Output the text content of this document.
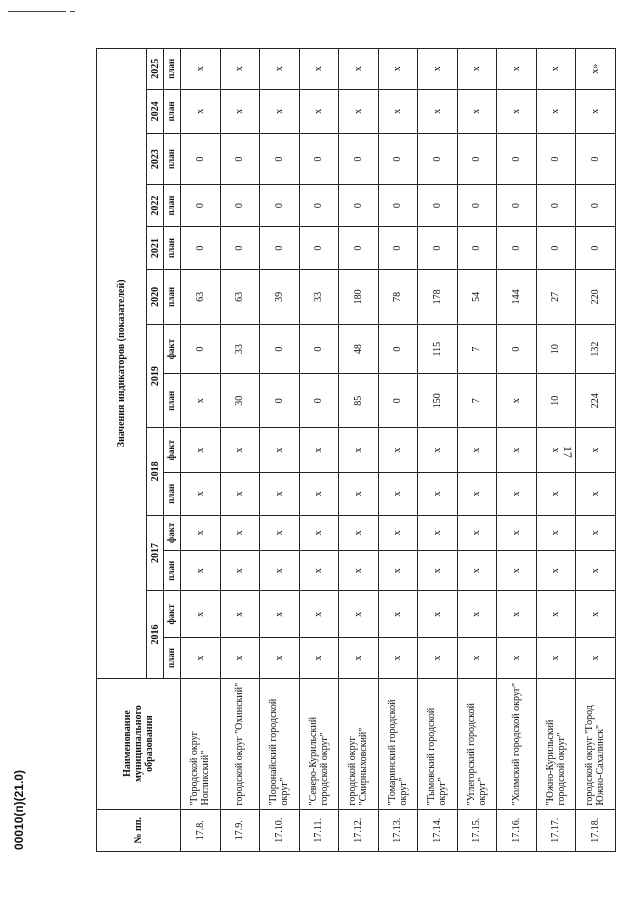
17
00010(п)(21.0)	№ пп.	Наименование муниципального образования	Значения индикаторов (показателей)													
		2016		2017		2018		2019		2020	2021	2022	2023	2024	2025
		план	факт	план	факт	план	факт	план	факт	план	план	план	план	план	план
17.8.	"Городской округ Ногликский"	x	x	x	x	x	x	x	0	63	0	0	0	x	x
17.9.	городской округ "Охинский"	x	x	x	x	x	x	30	33	63	0	0	0	x	x
17.10.	"Поронайский городской округ"	x	x	x	x	x	x	0	0	39	0	0	0	x	x
17.11.	"Северо-Курильский городской округ"	x	x	x	x	x	x	0	0	33	0	0	0	x	x
17.12.	городской округ "Смирныховский"	x	x	x	x	x	x	85	48	180	0	0	0	x	x
17.13.	"Томаринский городской округ"	x	x	x	x	x	x	0	0	78	0	0	0	x	x
17.14.	"Тымовский городской округ"	x	x	x	x	x	x	150	115	178	0	0	0	x	x
17.15.	"Углегорский городской округ"	x	x	x	x	x	x	7	7	54	0	0	0	x	x
17.16.	"Холмский городской округ"	x	x	x	x	x	x	x	0	144	0	0	0	x	x
17.17.	"Южно-Курильский городской округ"	x	x	x	x	x	x	10	10	27	0	0	0	x	x
17.18.	городской округ "Город Южно-Сахалинск"	x	x	x	x	x	x	224	132	220	0	0	0	x	x»
